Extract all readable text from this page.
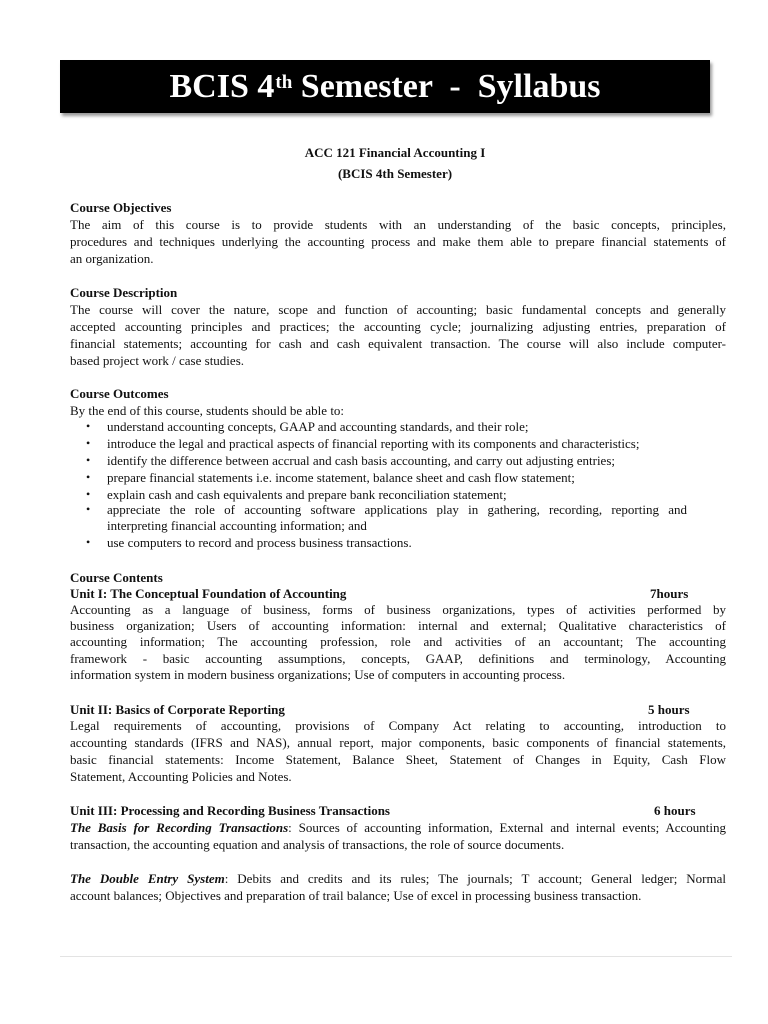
BCIS 4th Semester  -  Syllabus
ACC 121 Financial Accounting I
(BCIS 4th Semester)
Course Objectives
The aim of this course is to provide students with an understanding of the basic concepts, principles,
procedures and techniques underlying the accounting process and make them able to prepare financial statements of
an organization.
Course Description
The course will cover the nature, scope and function of accounting; basic fundamental concepts and generally
accepted accounting principles and practices; the accounting cycle; journalizing adjusting entries, preparation of
financial statements; accounting for cash and cash equivalent transaction. The course will also include computer-
based project work / case studies.
Course Outcomes
By the end of this course, students should be able to:
• understand accounting concepts, GAAP and accounting standards, and their role;
• introduce the legal and practical aspects of financial reporting with its components and characteristics;
• identify the difference between accrual and cash basis accounting, and carry out adjusting entries;
• prepare financial statements i.e. income statement, balance sheet and cash flow statement;
• explain cash and cash equivalents and prepare bank reconciliation statement;
• appreciate the role of accounting software applications play in gathering, recording, reporting and
interpreting financial accounting information; and
• use computers to record and process business transactions.
Course Contents
Unit I: The Conceptual Foundation of Accounting	7hours
Accounting as a language of business, forms of business organizations, types of activities performed by
business organization; Users of accounting information: internal and external; Qualitative characteristics of
accounting information; The accounting profession, role and activities of an accountant; The accounting
framework - basic accounting assumptions, concepts, GAAP, definitions and terminology, Accounting
information system in modern business organizations; Use of computers in accounting process.
Unit II: Basics of Corporate Reporting	5 hours
Legal requirements of accounting, provisions of Company Act relating to accounting, introduction to
accounting standards (IFRS and NAS), annual report, major components, basic components of financial statements,
basic financial statements: Income Statement, Balance Sheet, Statement of Changes in Equity, Cash Flow
Statement, Accounting Policies and Notes.
Unit III: Processing and Recording Business Transactions	6 hours
The Basis for Recording Transactions: Sources of accounting information, External and internal events; Accounting
transaction, the accounting equation and analysis of transactions, the role of source documents.
The Double Entry System: Debits and credits and its rules; The journals; T account; General ledger; Normal
account balances; Objectives and preparation of trail balance; Use of excel in processing business transaction.
